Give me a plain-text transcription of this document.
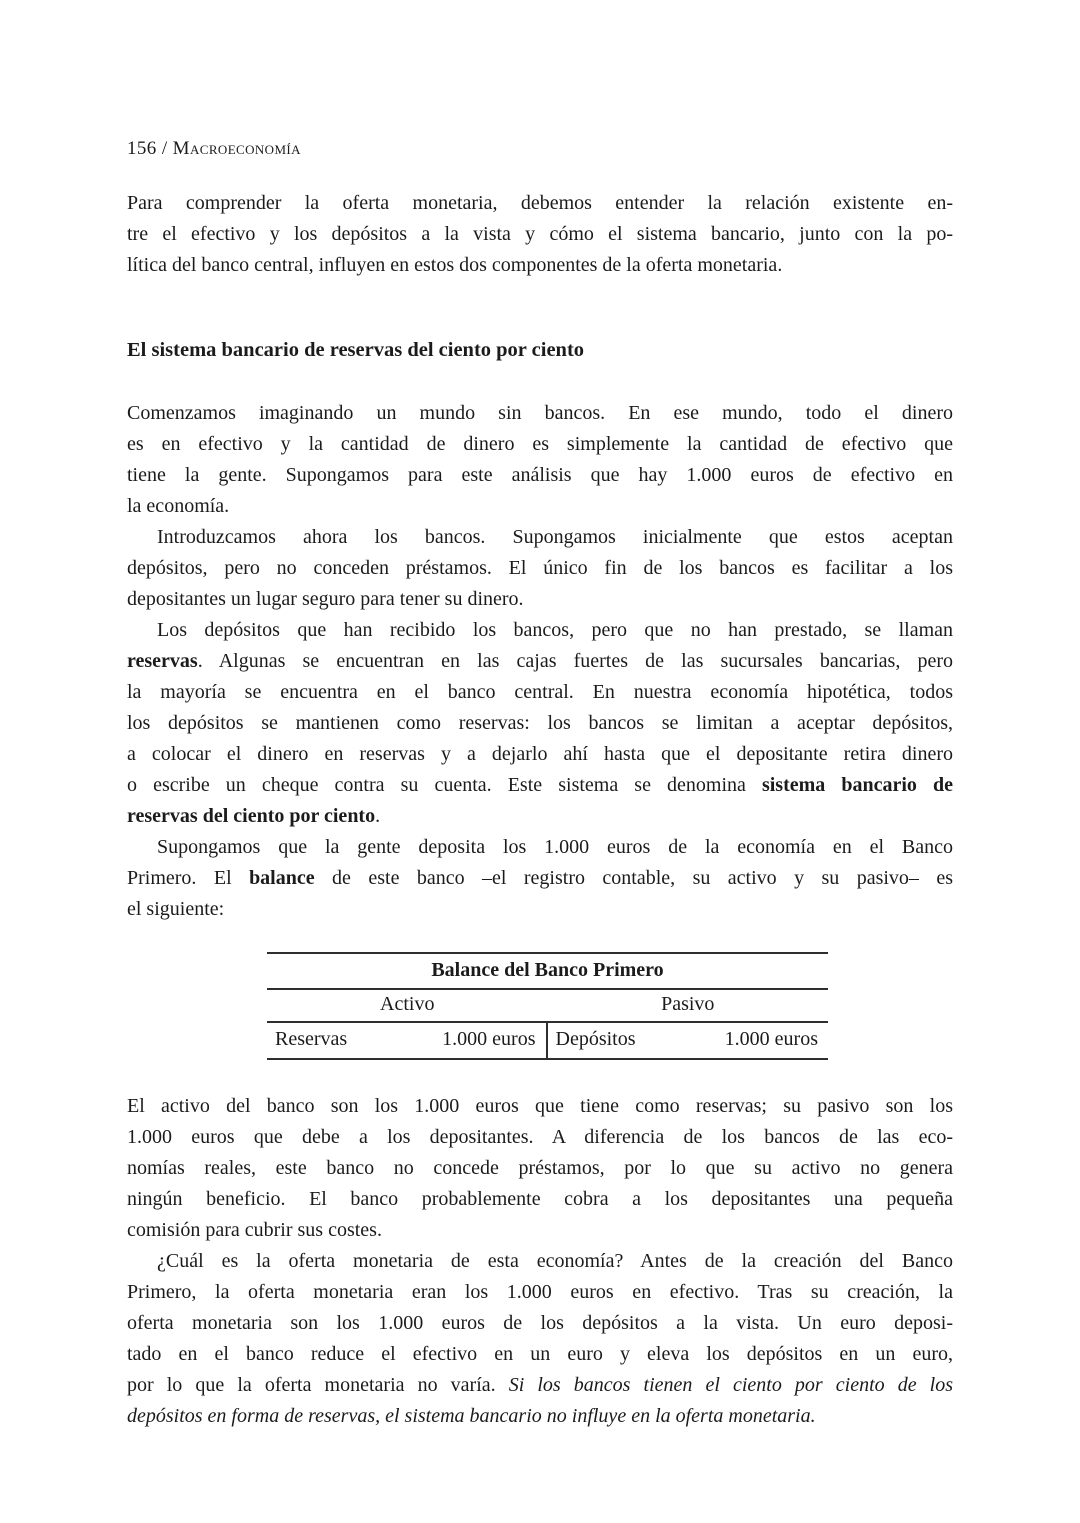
156 / Macroeconomía
Para comprender la oferta monetaria, debemos entender la relación existente en-
tre el efectivo y los depósitos a la vista y cómo el sistema bancario, junto con la po-
lítica del banco central, influyen en estos dos componentes de la oferta monetaria.
El sistema bancario de reservas del ciento por ciento
Comenzamos imaginando un mundo sin bancos. En ese mundo, todo el dinero
es en efectivo y la cantidad de dinero es simplemente la cantidad de efectivo que
tiene la gente. Supongamos para este análisis que hay 1.000 euros de efectivo en
la economía.
Introduzcamos ahora los bancos. Supongamos inicialmente que estos aceptan
depósitos, pero no conceden préstamos. El único fin de los bancos es facilitar a los
depositantes un lugar seguro para tener su dinero.
Los depósitos que han recibido los bancos, pero que no han prestado, se llaman
reservas. Algunas se encuentran en las cajas fuertes de las sucursales bancarias, pero
la mayoría se encuentra en el banco central. En nuestra economía hipotética, todos
los depósitos se mantienen como reservas: los bancos se limitan a aceptar depósitos,
a colocar el dinero en reservas y a dejarlo ahí hasta que el depositante retira dinero
o escribe un cheque contra su cuenta. Este sistema se denomina sistema bancario de
reservas del ciento por ciento.
Supongamos que la gente deposita los 1.000 euros de la economía en el Banco
Primero. El balance de este banco –el registro contable, su activo y su pasivo– es
el siguiente:
Balance del Banco Primero
Activo	Pasivo
Reservas	1.000 euros Depósitos	1.000 euros
El activo del banco son los 1.000 euros que tiene como reservas; su pasivo son los
1.000 euros que debe a los depositantes. A diferencia de los bancos de las eco-
nomías reales, este banco no concede préstamos, por lo que su activo no genera
ningún beneficio. El banco probablemente cobra a los depositantes una pequeña
comisión para cubrir sus costes.
¿Cuál es la oferta monetaria de esta economía? Antes de la creación del Banco
Primero, la oferta monetaria eran los 1.000 euros en efectivo. Tras su creación, la
oferta monetaria son los 1.000 euros de los depósitos a la vista. Un euro deposi-
tado en el banco reduce el efectivo en un euro y eleva los depósitos en un euro,
por lo que la oferta monetaria no varía. Si los bancos tienen el ciento por ciento de los
depósitos en forma de reservas, el sistema bancario no influye en la oferta monetaria.
